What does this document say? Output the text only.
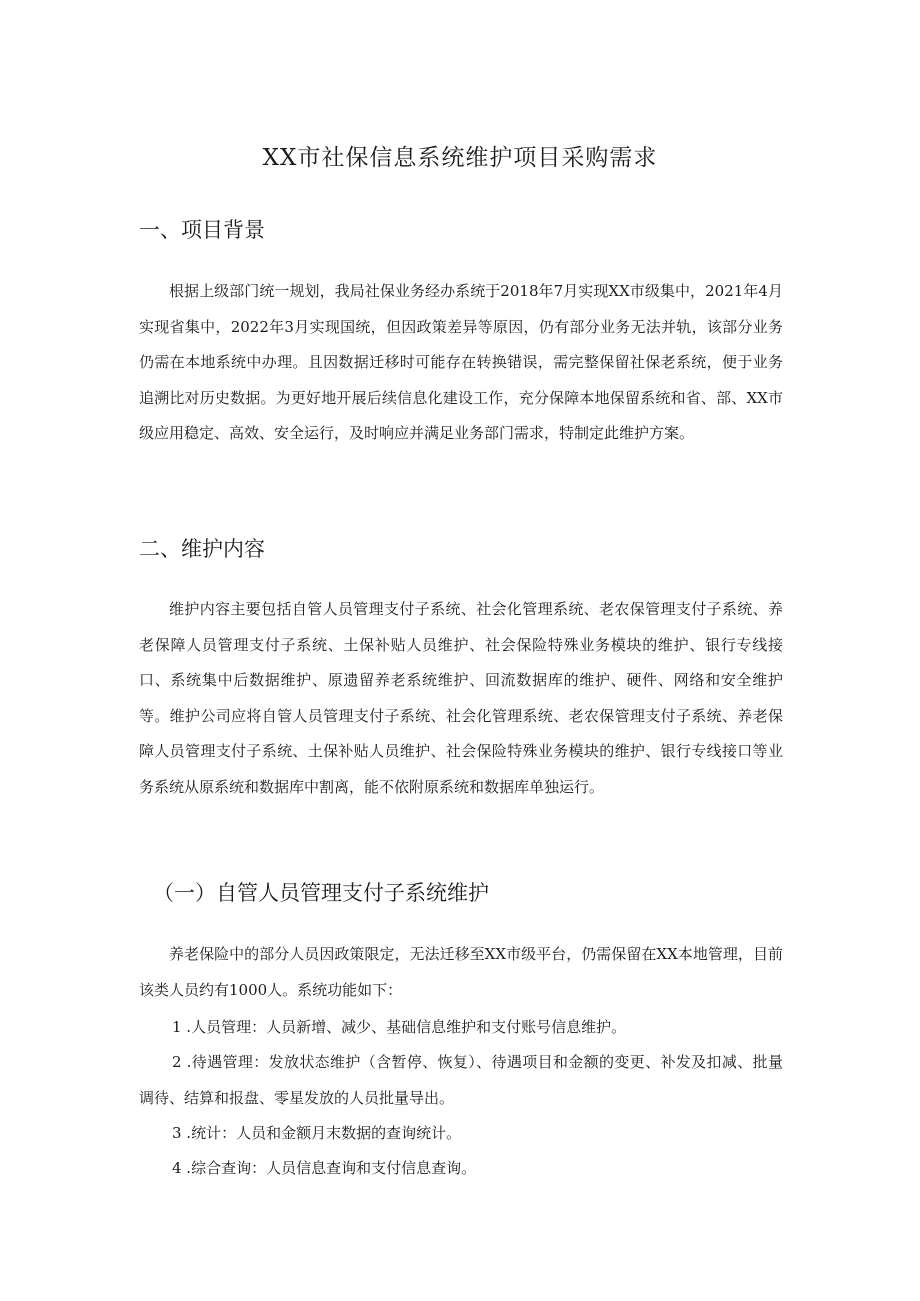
XX市社保信息系统维护项目采购需求
一、项目背景

根据上级部门统一规划，我局社保业务经办系统于2018年7月实现XX市级集中，2021年4月实现省集中，2022年3月实现国统，但因政策差异等原因，仍有部分业务无法并轨，该部分业务仍需在本地系统中办理。且因数据迁移时可能存在转换错误，需完整保留社保老系统，便于业务追溯比对历史数据。为更好地开展后续信息化建设工作，充分保障本地保留系统和省、部、XX市级应用稳定、高效、安全运行，及时响应并满足业务部门需求，特制定此维护方案。

二、维护内容

维护内容主要包括自管人员管理支付子系统、社会化管理系统、老农保管理支付子系统、养老保障人员管理支付子系统、土保补贴人员维护、社会保险特殊业务模块的维护、银行专线接口、系统集中后数据维护、原遗留养老系统维护、回流数据库的维护、硬件、网络和安全维护等。维护公司应将自管人员管理支付子系统、社会化管理系统、老农保管理支付子系统、养老保障人员管理支付子系统、土保补贴人员维护、社会保险特殊业务模块的维护、银行专线接口等业务系统从原系统和数据库中割离，能不依附原系统和数据库单独运行。

（一）自管人员管理支付子系统维护

养老保险中的部分人员因政策限定，无法迁移至XX市级平台，仍需保留在XX本地管理，目前该类人员约有1000人。系统功能如下：

1 .人员管理：人员新增、减少、基础信息维护和支付账号信息维护。

2 .待遇管理：发放状态维护（含暂停、恢复）、待遇项目和金额的变更、补发及扣减、批量调待、结算和报盘、零星发放的人员批量导出。

3 .统计：人员和金额月末数据的查询统计。

4 .综合查询：人员信息查询和支付信息查询。
